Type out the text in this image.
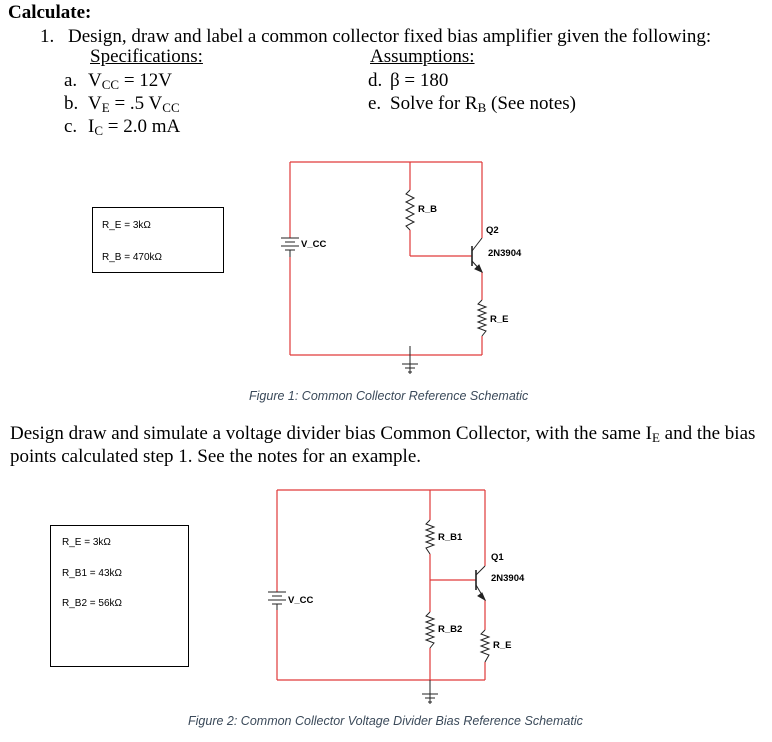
Calculate:
1. Design, draw and label a common collector fixed bias amplifier given the following:
Specifications:
a. $V_{CC} = 12V$
b. $V_E = .5$ $V_{CC}$
c. $I_C = 2.0$ mA
Assumptions:
d. β = 180
e. Solve for $R_B$ (See notes)
R_E = 3kΩ
R_B = 470kΩ
V_CC
R_B
Q2
2N3904
R_E
Figure 1: Common Collector Reference Schematic
Design draw and simulate a voltage divider bias Common Collector, with the same $I_E$ and the bias points calculated step 1. See the notes for an example.
R_E = 3kΩ
R_B1 = 43kΩ
R_B2 = 56kΩ	V_CC
R_B1
R_B2
Q1
2N3904
R_E
Figure 2: Common Collector Voltage Divider Bias Reference Schematic
